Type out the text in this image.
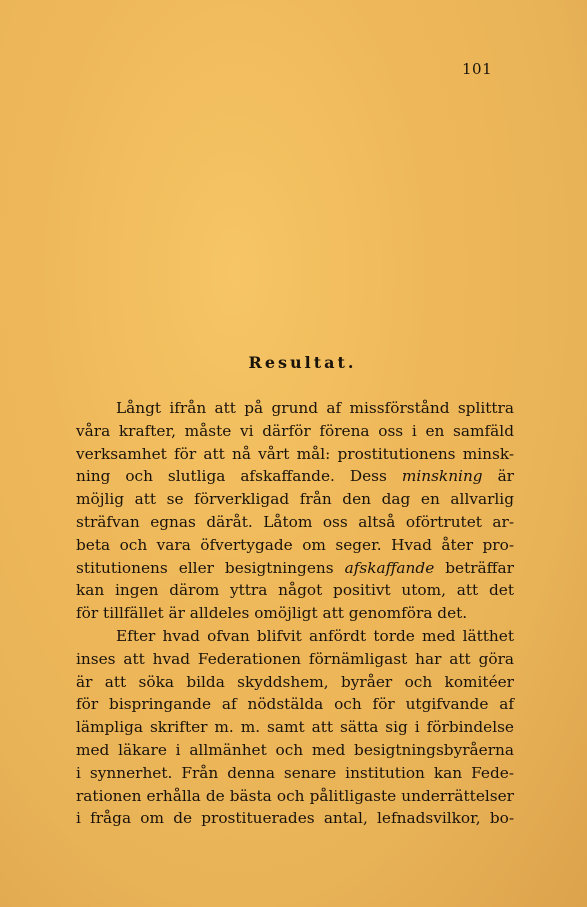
101
Resultat.
Långt ifrån att på grund af missförstånd splittra
våra krafter, måste vi därför förena oss i en samfäld
verksamhet för att nå vårt mål: prostitutionens minsk-
ning och slutliga afskaffande. Dess minskning är
möjlig att se förverkligad från den dag en allvarlig
sträfvan egnas däråt. Låtom oss altså oförtrutet ar-
beta och vara öfvertygade om seger. Hvad åter pro-
stitutionens eller besigtningens afskaffande beträffar
kan ingen därom yttra något positivt utom, att det
för tillfället är alldeles omöjligt att genomföra det.
Efter hvad ofvan blifvit anfördt torde med lätthet
inses att hvad Federationen förnämligast har att göra
är att söka bilda skyddshem, byråer och komitéer
för bispringande af nödstälda och för utgifvande af
lämpliga skrifter m. m. samt att sätta sig i förbindelse
med läkare i allmänhet och med besigtningsbyråerna
i synnerhet. Från denna senare institution kan Fede-
rationen erhålla de bästa och pålitligaste underrättelser
i fråga om de prostituerades antal, lefnadsvilkor, bo-
